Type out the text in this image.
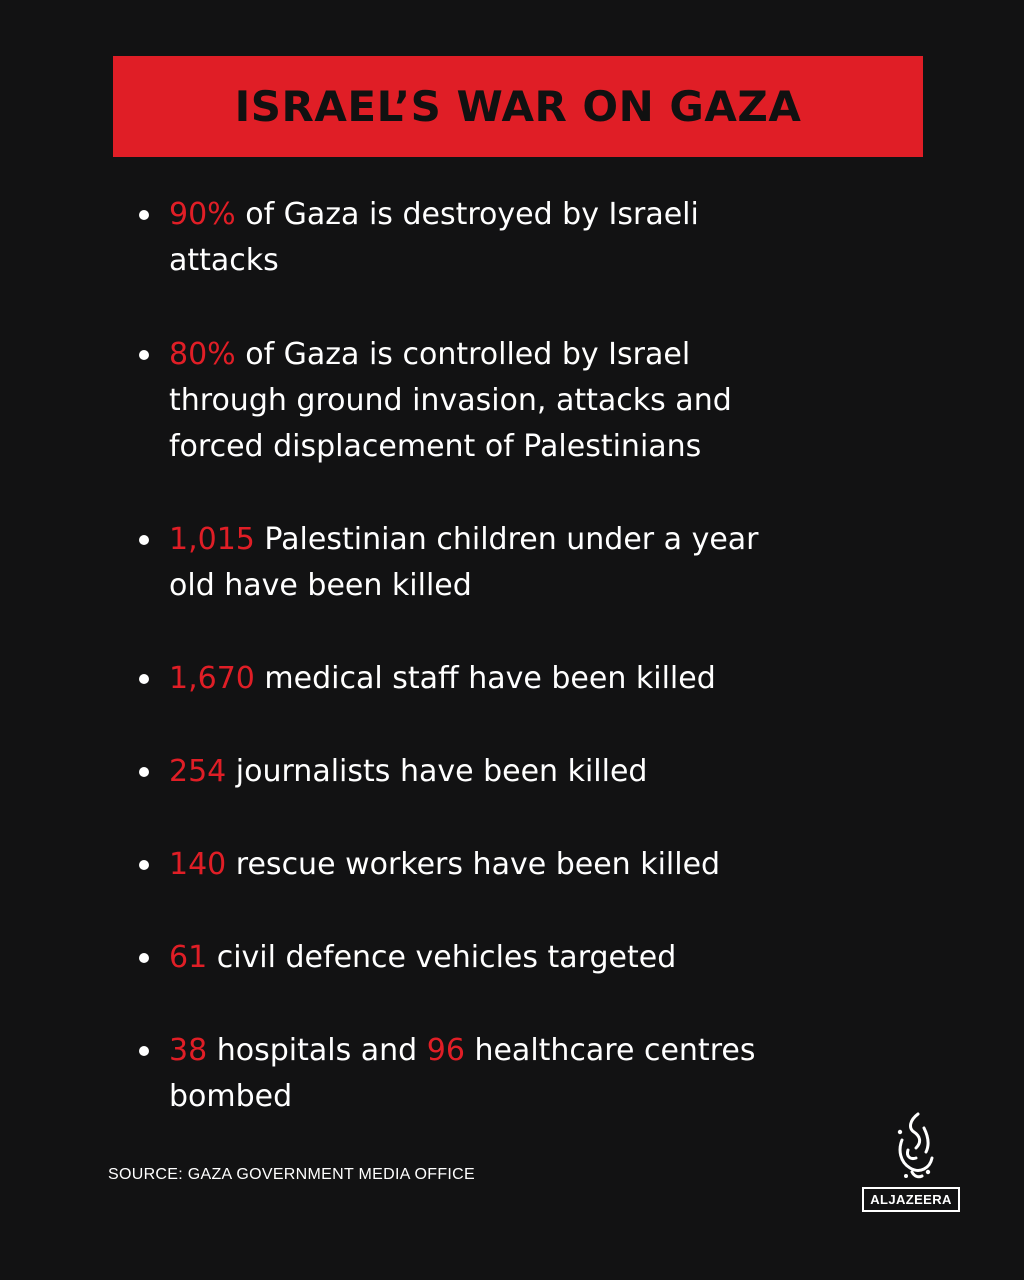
ISRAEL’S WAR ON GAZA
90% of Gaza is destroyed by Israeli
attacks
80% of Gaza is controlled by Israel
through ground invasion, attacks and
forced displacement of Palestinians
1,015 Palestinian children under a year
old have been killed
1,670 medical staff have been killed
254 journalists have been killed
140 rescue workers have been killed
61 civil defence vehicles targeted
38 hospitals and 96 healthcare centres
bombed
SOURCE: GAZA GOVERNMENT MEDIA OFFICE
ALJAZEERA
